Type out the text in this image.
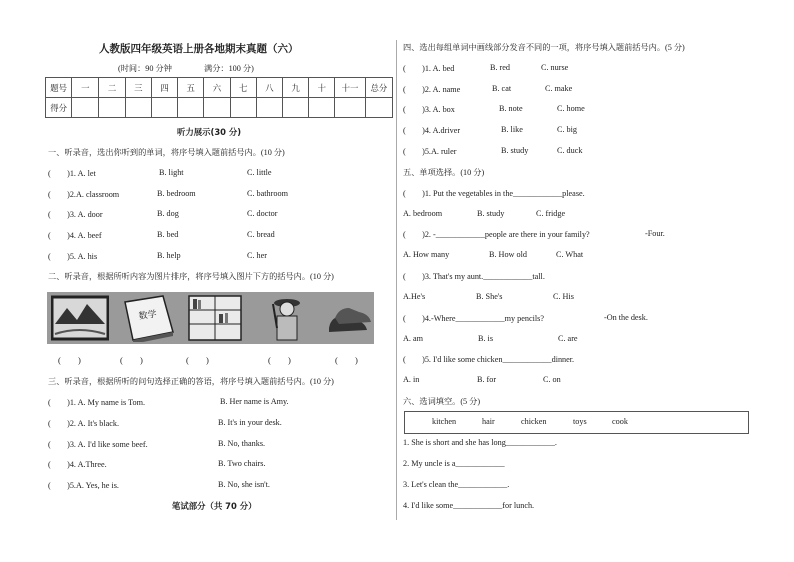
人教版四年级英语上册各地期末真题（六）
(时间：90 分钟	满分：100 分)
题号	一	二	三	四	五	六	七	八	九	十	十一	总分
得分												
听力展示(30 分)
一、听录音，选出你听到的单词，将序号填入题前括号内。(10 分)
(　　)1. A. let	B. light	C. little
(　　)2.A. classroom	B. bedroom	C. bathroom
(　　)3. A. door	B. dog	C. doctor
(　　)4. A. beef	B. bed	C. bread
(　　)5. A. his	B. help	C. her
二、听录音，根据所听内容为图片排序，将序号填入图片下方的括号内。(10 分)
数学
(　　)	(　　)	(　　)	(　　)	(　　)
三、听录音，根据所听的问句选择正确的答语，将序号填入题前括号内。(10 分)
(　　)1. A. My name is Tom.	B. Her name is Amy.
(　　)2. A. It's black.	B. It's in your desk.
(　　)3. A. I'd like some beef.	B. No, thanks.
(　　)4. A.Three.	B. Two chairs.
(　　)5.A. Yes, he is.	B. No, she isn't.
笔试部分（共 70 分）
四、选出每组单词中画线部分发音不同的一项，将序号填入题前括号内。(5 分)
(　　)1. A. bed	B. red	C. nurse
(　　)2. A. name	B. cat	C. make
(　　)3. A. box	B. note	C. home
(　　)4. A.driver	B. like	C. big
(　　)5.A. ruler	B. study	C. duck
五、单项选择。(10 分)
(　　)1. Put the vegetables in the____________please.
A. bedroom	B. study	C. fridge
(　　)2. -____________people are there in your family?	-Four.
A. How many	B. How old	C. What
(　　)3. That's my aunt.____________tall.
A.He's	B. She's	C. His
(　　)4.-Where____________my pencils?	-On the desk.
A. am	B. is	C. are
(　　)5. I'd like some chicken____________dinner.
A. in	B. for	C. on
六、选词填空。(5 分)
kitchen	hair	chicken	toys	cook
1. She is short and she has long____________.
2. My uncle is a____________
3. Let's clean the____________.
4. I'd like some____________for lunch.
